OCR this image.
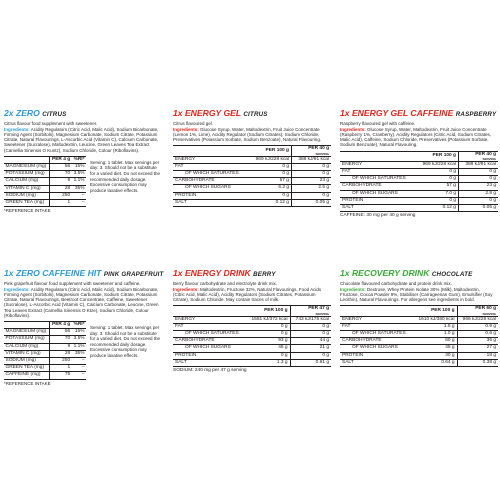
2x ZERO CITRUS
Citrus flavour food supplement with sweetener.
Ingredients: Acidity Regulators (Citric Acid, Malic Acid), Sodium Bicarbonate, Firming Agent (Sorbitols), Magnesium Carbonate, Sodium Citrate, Potassium Citrate, Natural Flavourings, L-Ascorbic Acid (Vitamin C), Calcium Carbonate, Sweetener (Sucralose), Maltodextrin, Leucine, Green Leaves Tea Extract (Camellia Sinensis O Kuntz), Sodium Chloride, Colour (Riboflavins).
	PER 4 g	%RI*
MAGNESIUM (mg)	56	15%
POTASSIUM (mg)	70	3.5%
CALCIUM (mg)	9	1.1%
VITAMIN C (mg)	28	35%
SODIUM (mg)	250	–
GREEN TEA (mg)	1	–
Serving: 1 tablet. Max servings per day: 3. Should not be a substitute for a varied diet. Do not exceed the recommended daily dosage. Excessive consumption may produce laxative effects.
*REFERENCE INTAKE
1x ZERO CAFFEINE HIT PINK GRAPEFRUIT
Pink grapefruit flavour food supplement with sweetener and caffeine.
Ingredients: Acidity Regulators (Citric Acid, Malic Acid), Sodium Bicarbonate, Firming Agent (Sorbitols), Magnesium Carbonate, Sodium Citrate, Potassium Citrate, Natural Flavourings, Beetroot Concentrate, Caffeine, Sweetener (Sucralose), L-Ascorbic Acid (Vitamin C), Calcium Carbonate, Leucine, Green Tea Leaves Extract (Camellia Sinensis O Ktze), Sodium Chloride, Colour (Riboflavins).
	PER 4 g	%RI*
MAGNESIUM (mg)	56	15%
POTASSIUM (mg)	70	3.5%
CALCIUM (mg)	9	1.1%
VITAMIN C (mg)	28	35%
SODIUM (mg)	250	–
GREEN TEA (mg)	1	–
CAFFEINE (mg)	75	–
Serving: 1 tablet. Max servings per day: 3. Should not be a substitute for a varied diet. Do not exceed the recommended daily dosage. Excessive consumption may produce laxative effects.
*REFERENCE INTAKE
1x ENERGY GEL CITRUS
Citrus flavoured gel.
Ingredients: Glucose Syrup, Water, Maltodextrin, Fruit Juice Concentrate (Lemon 1%, Lime), Acidity Regulator (Sodium Citrates), Sodium Chloride, Preservatives (Potassium Sorbate, Sodium Benzoate), Natural Flavouring.
	PER 100 g	PER 40 g
SERVING

ENERGY	969 kJ/228 kcal	388 kJ/91 kcal
FAT	0 g	0 g
OF WHICH SATURATES	0 g	0 g
CARBOHYDRATE	57 g	23 g
OF WHICH SUGARS	6.2 g	2.5 g
PROTEIN	0 g	0 g
SALT	0.12 g	0.05 g
1x ENERGY DRINK BERRY
Berry flavour carbohydrate and electrolyte drink mix.
Ingredients: Maltodextrin, Fructose 32%, Natural Flavourings, Food Acids (Citric Acid, Malic Acid), Acidity Regulators (Sodium Citrates, Potassium Citrate), Sodium Chloride. May contain traces of milk.
	PER 100 g	PER 47 g
SERVING

ENERGY	1581 kJ/372 kcal	743 kJ/175 kcal
FAT	0 g	0 g
OF WHICH SATURATES	0 g	0 g
CARBOHYDRATE	93 g	44 g
OF WHICH SUGARS	45 g	21 g
PROTEIN	0 g	0 g
SALT	1.3 g	0.61 g
SODIUM: 240 mg per 47 g serving
1x ENERGY GEL CAFFEINE RASPBERRY
Raspberry flavoured gel with caffeine.
Ingredients: Glucose Syrup, Water, Maltodextrin, Fruit Juice Concentrate (Raspberry 1%, Cranberry), Acidity Regulators (Citric Acid, Sodium Citrates, Malic Acid), Caffeine, Sodium Chloride, Preservatives (Potassium Sorbate, Sodium Benzoate), Natural Flavouring.
	PER 100 g	PER 40 g
SERVING

ENERGY	969 kJ/228 kcal	388 kJ/91 kcal
FAT	0 g	0 g
OF WHICH SATURATES	0 g	0 g
CARBOHYDRATE	57 g	23 g
OF WHICH SUGARS	7.0 g	2.8 g
PROTEIN	0 g	0 g
SALT	0.12 g	0.05 g
CAFFEINE: 30 mg per 40 g serving
1x RECOVERY DRINK CHOCOLATE
Chocolate flavoured carbohydrate and protein drink mix.
Ingredients: Dextrose, Whey Protein Isolate 30% (Milk), Maltodextrin, Fructose, Cocoa Powder 9%, Stabiliser (Carrageenan Gum), Emulsifier (Soy Lecithin), Natural Flavourings. For allergens see ingredients in bold.
	PER 100 g	PER 60 g
SERVING

ENERGY	1610 kJ/380 kcal	966 kJ/228 kcal
FAT	1.5 g	0.9 g
OF WHICH SATURATES	1.0 g	0.6 g
CARBOHYDRATE	60 g	36 g
OF WHICH SUGARS	45 g	27 g
PROTEIN	30 g	18 g
SALT	0.64 g	0.38 g
